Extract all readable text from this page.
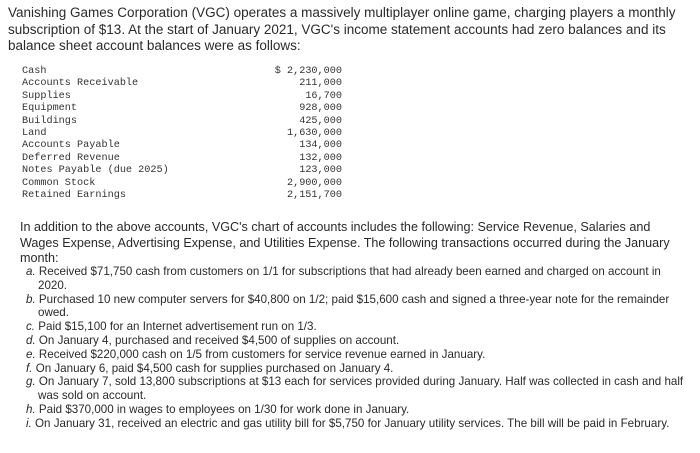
Vanishing Games Corporation (VGC) operates a massively multiplayer online game, charging players a monthly subscription of $13. At the start of January 2021, VGC's income statement accounts had zero balances and its balance sheet account balances were as follows:

Cash	$ 2,230,000
Accounts Receivable	211,000
Supplies	16,700
Equipment	928,000
Buildings	425,000
Land	1,630,000
Accounts Payable	134,000
Deferred Revenue	132,000
Notes Payable (due 2025)	123,000
Common Stock	2,900,000
Retained Earnings	2,151,700

In addition to the above accounts, VGC's chart of accounts includes the following: Service Revenue, Salaries and Wages Expense, Advertising Expense, and Utilities Expense. The following transactions occurred during the January month:

a. Received $71,750 cash from customers on 1/1 for subscriptions that had already been earned and charged on account in 2020.
b. Purchased 10 new computer servers for $40,800 on 1/2; paid $15,600 cash and signed a three-year note for the remainder owed.
c. Paid $15,100 for an Internet advertisement run on 1/3.
d. On January 4, purchased and received $4,500 of supplies on account.
e. Received $220,000 cash on 1/5 from customers for service revenue earned in January.
f. On January 6, paid $4,500 cash for supplies purchased on January 4.
g. On January 7, sold 13,800 subscriptions at $13 each for services provided during January. Half was collected in cash and half was sold on account.
h. Paid $370,000 in wages to employees on 1/30 for work done in January.
i. On January 31, received an electric and gas utility bill for $5,750 for January utility services. The bill will be paid in February.
